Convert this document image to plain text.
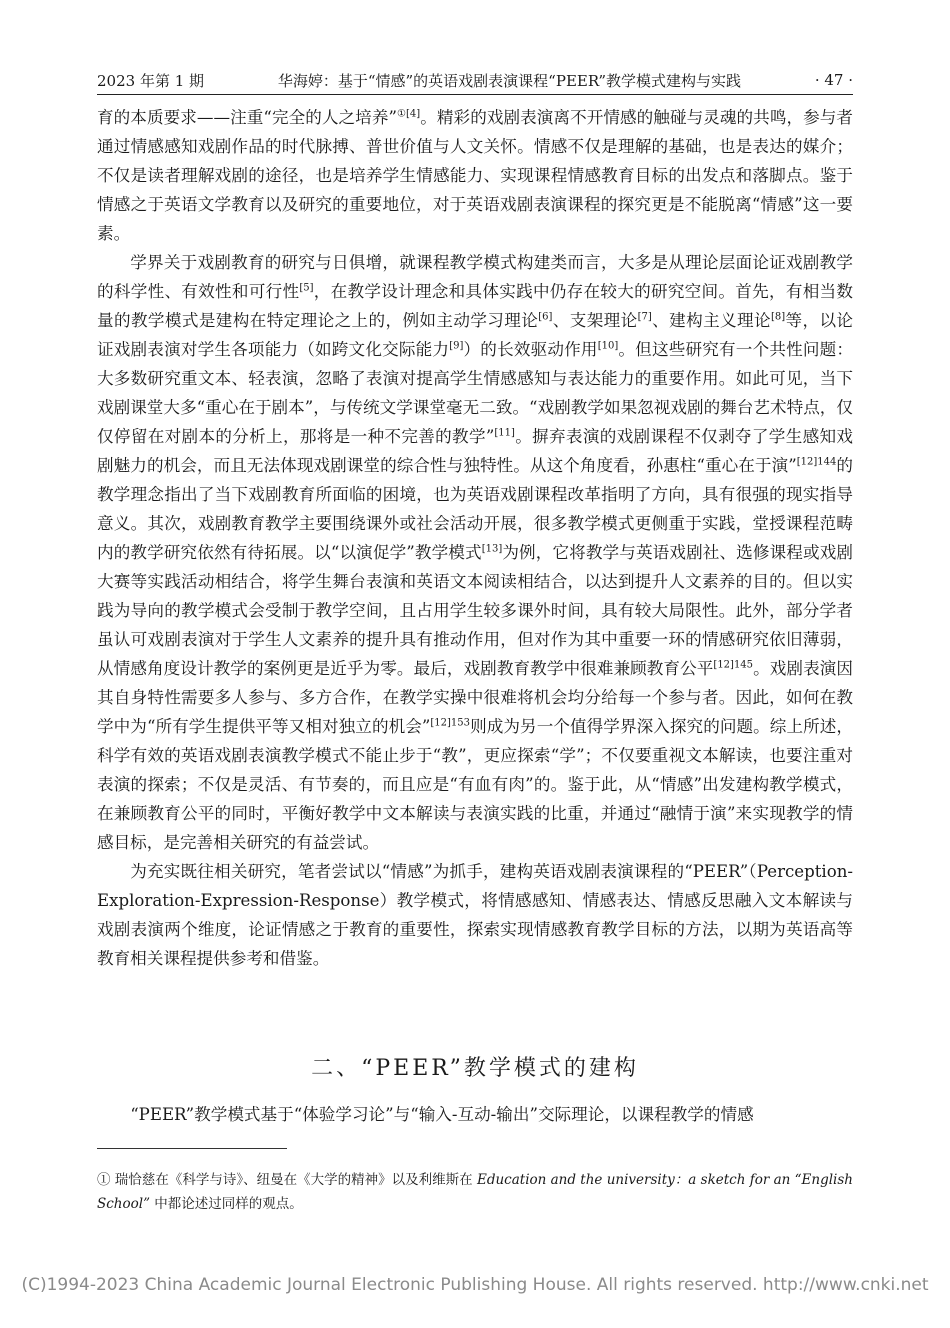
2023 年第 1 期	华海婷：基于“情感”的英语戏剧表演课程“PEER”教学模式建构与实践	· 47 ·

育的本质要求——注重“完全的人之培养”$^{①[4]}$。精彩的戏剧表演离不开情感的触碰与灵魂的共鸣，参与者通过情感感知戏剧作品的时代脉搏、普世价值与人文关怀。情感不仅是理解的基础，也是表达的媒介；不仅是读者理解戏剧的途径，也是培养学生情感能力、实现课程情感教育目标的出发点和落脚点。鉴于情感之于英语文学教育以及研究的重要地位，对于英语戏剧表演课程的探究更是不能脱离“情感”这一要素。

学界关于戏剧教育的研究与日俱增，就课程教学模式构建类而言，大多是从理论层面论证戏剧教学的科学性、有效性和可行性[5]，在教学设计理念和具体实践中仍存在较大的研究空间。首先，有相当数量的教学模式是建构在特定理论之上的，例如主动学习理论[6]、支架理论[7]、建构主义理论[8]等，以论证戏剧表演对学生各项能力（如跨文化交际能力[9]）的长效驱动作用[10]。但这些研究有一个共性问题：大多数研究重文本、轻表演，忽略了表演对提高学生情感感知与表达能力的重要作用。如此可见，当下戏剧课堂大多“重心在于剧本”，与传统文学课堂毫无二致。“戏剧教学如果忽视戏剧的舞台艺术特点，仅仅停留在对剧本的分析上，那将是一种不完善的教学”[11]。摒弃表演的戏剧课程不仅剥夺了学生感知戏剧魅力的机会，而且无法体现戏剧课堂的综合性与独特性。从这个角度看，孙惠柱“重心在于演”$^{[12]144}$的教学理念指出了当下戏剧教育所面临的困境，也为英语戏剧课程改革指明了方向，具有很强的现实指导意义。其次，戏剧教育教学主要围绕课外或社会活动开展，很多教学模式更侧重于实践，堂授课程范畴内的教学研究依然有待拓展。以“以演促学”教学模式[13]为例，它将教学与英语戏剧社、选修课程或戏剧大赛等实践活动相结合，将学生舞台表演和英语文本阅读相结合，以达到提升人文素养的目的。但以实践为导向的教学模式会受制于教学空间，且占用学生较多课外时间，具有较大局限性。此外，部分学者虽认可戏剧表演对于学生人文素养的提升具有推动作用，但对作为其中重要一环的情感研究依旧薄弱，从情感角度设计教学的案例更是近乎为零。最后，戏剧教育教学中很难兼顾教育公平$^{[12]145}$。戏剧表演因其自身特性需要多人参与、多方合作，在教学实操中很难将机会均分给每一个参与者。因此，如何在教学中为“所有学生提供平等又相对独立的机会”$^{[12]153}$则成为另一个值得学界深入探究的问题。综上所述，科学有效的英语戏剧表演教学模式不能止步于“教”，更应探索“学”；不仅要重视文本解读，也要注重对表演的探索；不仅是灵活、有节奏的，而且应是“有血有肉”的。鉴于此，从“情感”出发建构教学模式，在兼顾教育公平的同时，平衡好教学中文本解读与表演实践的比重，并通过“融情于演”来实现教学的情感目标，是完善相关研究的有益尝试。

为充实既往相关研究，笔者尝试以“情感”为抓手，建构英语戏剧表演课程的“PEER”（Perception-Exploration-Expression-Response）教学模式，将情感感知、情感表达、情感反思融入文本解读与戏剧表演两个维度，论证情感之于教育的重要性，探索实现情感教育教学目标的方法，以期为英语高等教育相关课程提供参考和借鉴。

二、“PEER”教学模式的建构

“PEER”教学模式基于“体验学习论”与“输入-互动-输出”交际理论，以课程教学的情感

① 瑞恰慈在《科学与诗》、纽曼在《大学的精神》以及利维斯在 Education and the university：a sketch for an “English School” 中都论述过同样的观点。
(C)1994-2023 China Academic Journal Electronic Publishing House. All rights reserved. http://www.cnki.net
